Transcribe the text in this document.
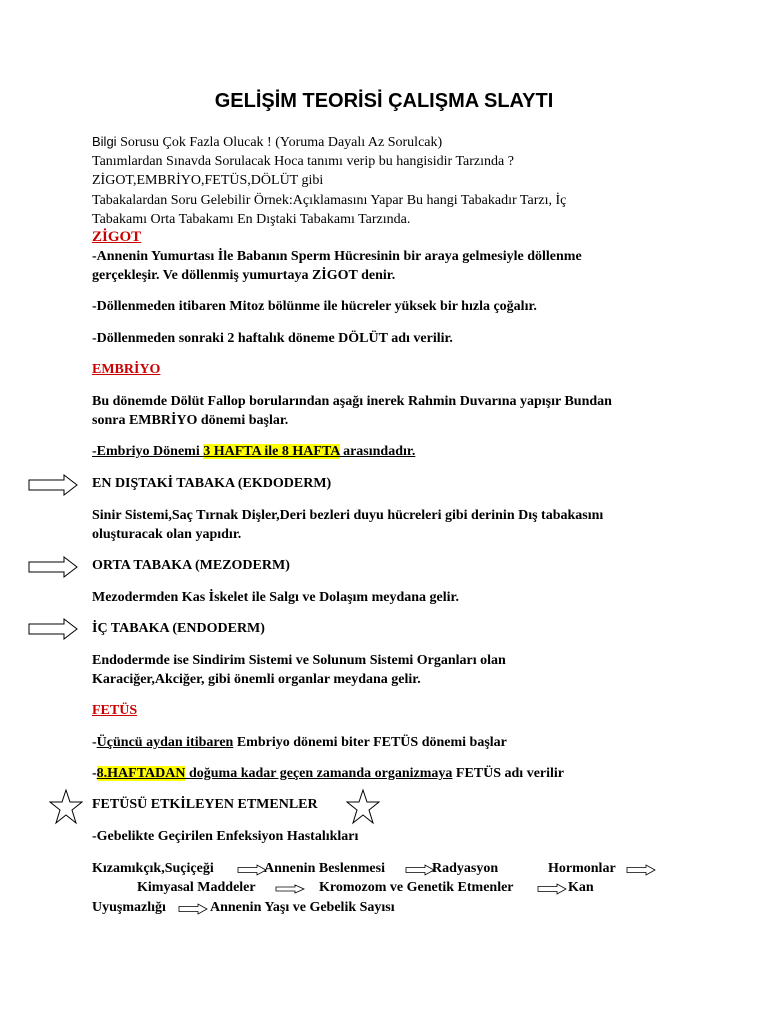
GELİŞİM TEORİSİ ÇALIŞMA SLAYTI
Bilgi Sorusu Çok Fazla Olucak ! (Yoruma Dayalı Az Sorulcak)
Tanımlardan Sınavda Sorulacak Hoca tanımı verip bu hangisidir Tarzında ?
ZİGOT,EMBRİYO,FETÜS,DÖLÜT gibi
Tabakalardan Soru Gelebilir Örnek:Açıklamasını Yapar Bu hangi Tabakadır Tarzı, İç
Tabakamı Orta Tabakamı En Dıştaki Tabakamı Tarzında.
ZİGOT
-Annenin Yumurtası İle Babanın Sperm Hücresinin bir araya gelmesiyle döllenme
gerçekleşir. Ve döllenmiş yumurtaya ZİGOT denir.
-Döllenmeden itibaren Mitoz bölünme ile hücreler yüksek bir hızla çoğalır.
-Döllenmeden sonraki 2 haftalık döneme DÖLÜT adı verilir.
EMBRİYO
Bu dönemde Dölüt Fallop borularından aşağı inerek Rahmin Duvarına yapışır Bundan
sonra EMBRİYO dönemi başlar.
-Embriyo Dönemi 3 HAFTA ile 8 HAFTA arasındadır.
EN DIŞTAKİ TABAKA (EKDODERM)
Sinir Sistemi,Saç Tırnak Dişler,Deri bezleri duyu hücreleri gibi derinin Dış tabakasını
oluşturacak olan yapıdır.
ORTA TABAKA (MEZODERM)
Mezodermden Kas İskelet ile Salgı ve Dolaşım meydana gelir.
İÇ TABAKA (ENDODERM)
Endodermde ise Sindirim Sistemi ve Solunum Sistemi Organları olan
Karaciğer,Akciğer, gibi önemli organlar meydana gelir.
FETÜS
-Üçüncü aydan itibaren Embriyo dönemi biter FETÜS dönemi başlar
-8.HAFTADAN doğuma kadar geçen zamanda organizmaya FETÜS adı verilir
FETÜSÜ ETKİLEYEN ETMENLER
-Gebelikte Geçirilen Enfeksiyon Hastalıkları
Kızamıkçık,Suçiçeği	Annenin Beslenmesi	Radyasyon	Hormonlar
Kimyasal Maddeler	Kromozom ve Genetik Etmenler	Kan
Uyuşmazlığı	Annenin Yaşı ve Gebelik Sayısı
